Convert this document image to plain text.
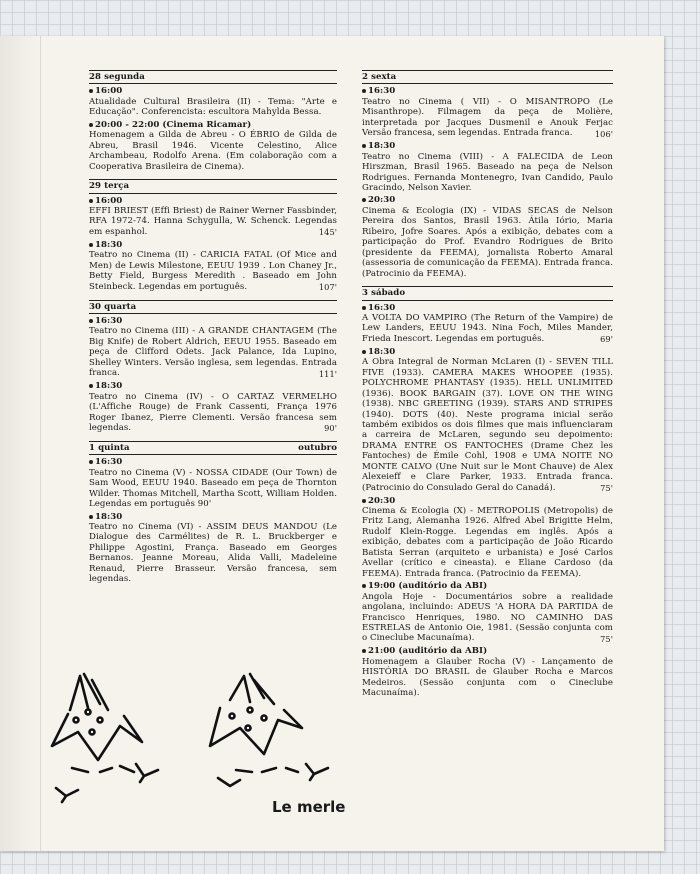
28 segunda
16:00
Atualidade Cultural Brasileira (II) - Tema: "Arte e Educação". Conferencista: escultora Mahylda Bessa.
20:00 - 22:00 (Cinema Ricamar)
Homenagem a Gilda de Abreu - O ÉBRIO de Gilda de Abreu, Brasil 1946. Vicente Celestino, Alice Archambeau, Rodolfo Arena. (Em colaboração com a Cooperativa Brasileira de Cinema).
29 terça
16:00
EFFI BRIEST (Effi Briest) de Rainer Werner Fassbinder, RFA 1972-74. Hanna Schygulla, W. Schenck. Legendas em espanhol.	145'
18:30
Teatro no Cinema (II) - CARICIA FATAL (Of Mice and Men) de Lewis Milestone, EEUU 1939 . Lon Chaney Jr., Betty Field, Burgess Meredith . Baseado em John Steinbeck. Legendas em português.	107'
30 quarta
16:30
Teatro no Cinema (III) - A GRANDE CHANTAGEM (The Big Knife) de Robert Aldrich, EEUU 1955. Baseado em peça de Clifford Odets. Jack Palance, Ida Lupino, Shelley Winters. Versão inglesa, sem legendas. Entrada franca.	111'
18:30
Teatro no Cinema (IV) - O CARTAZ VERMELHO (L'Affiche Rouge) de Frank Cassenti, França 1976 Roger Ibanez, Pierre Clementi. Versão francesa sem legendas.	90'
1 quinta	outubro
16:30
Teatro no Cinema (V) - NOSSA CIDADE (Our Town) de Sam Wood, EEUU 1940. Baseado em peça de Thornton Wilder. Thomas Mitchell, Martha Scott, William Holden. Legendas em português 90'
18:30
Teatro no Cinema (VI) - ASSIM DEUS MANDOU (Le Dialogue des Carmélites) de R. L. Bruckberger e Philippe Agostini, França. Baseado em Georges Bernanos. Jeanne Moreau, Alida Valli, Madeleine Renaud, Pierre Brasseur. Versão francesa, sem legendas.
2 sexta
16:30
Teatro no Cinema ( VII) - O MISANTROPO (Le Misanthrope). Filmagem da peça de Molière, interpretada por Jacques Dusmenil e Anouk Ferjac Versão francesa, sem legendas. Entrada franca.	106'
18:30
Teatro no Cinema (VIII) - A FALECIDA de Leon Hirszman, Brasil 1965. Baseado na peça de Nelson Rodrigues. Fernanda Montenegro, Ivan Candido, Paulo Gracindo, Nelson Xavier.
20:30
Cinema & Ecologia (IX) - VIDAS SECAS de Nelson Pereira dos Santos, Brasil 1963. Átila Iório, Maria Ribeiro, Jofre Soares. Após a exibição, debates com a participação do Prof. Evandro Rodrigues de Brito (presidente da FEEMA), jornalista Roberto Amaral (assessoria de comunicação da FEEMA). Entrada franca. (Patrocinio da FEEMA).
3 sábado
16:30
A VOLTA DO VAMPIRO (The Return of the Vampire) de Lew Landers, EEUU 1943. Nina Foch, Miles Mander, Frieda Inescort. Legendas em português.	69'
18:30
A Obra Integral de Norman McLaren (I) - SEVEN TILL FIVE (1933). CAMERA MAKES WHOOPEE (1935). POLYCHROME PHANTASY (1935). HELL UNLIMITED (1936). BOOK BARGAIN (37). LOVE ON THE WING (1938). NBC GREETING (1939). STARS AND STRIPES (1940). DOTS (40). Neste programa inicial serão também exibidos os dois filmes que mais influenciaram a carreira de McLaren, segundo seu depoimento: DRAMA ENTRE OS FANTOCHES (Drame Chez les Fantoches) de Émile Cohl, 1908 e UMA NOITE NO MONTE CALVO (Une Nuit sur le Mont Chauve) de Alex Alexeieff e Clare Parker, 1933. Entrada franca. (Patrocinio do Consulado Geral do Canadá).	75'
20:30
Cinema & Ecologia (X) - METROPOLIS (Metropolis) de Fritz Lang, Alemanha 1926. Alfred Abel Brigitte Helm, Rudolf Klein-Rogge. Legendas em inglês. Após a exibição, debates com a participação de João Ricardo Batista Serran (arquiteto e urbanista) e José Carlos Avellar (crítico e cineasta). e Eliane Cardoso (da FEEMA). Entrada franca. (Patrocinio da FEEMA).
19:00 (auditório da ABI)
Angola Hoje - Documentários sobre a realidade angolana, incluindo: ADEUS 'A HORA DA PARTIDA de Francisco Henriques, 1980. NO CAMINHO DAS ESTRELAS de Antonio Oie, 1981. (Sessão conjunta com o Cineclube Macunaíma).	75'
21:00 (auditório da ABI)
Homenagem a Glauber Rocha (V) - Lançamento de HISTÓRIA DO BRASIL de Glauber Rocha e Marcos Medeiros. (Sessão conjunta com o Cineclube Macunaíma).
Le merle
